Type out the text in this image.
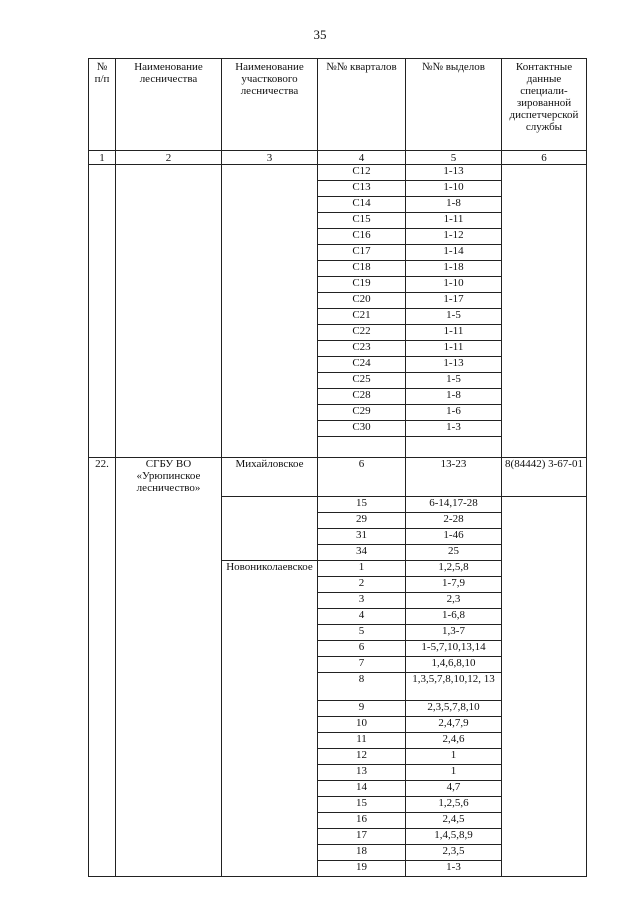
35
№ п/п	Наименование лесничества	Наименование участкового лесничества	№№ кварталов	№№ выделов	Контактные данные специали-зированной диспетчерской службы
1	2	3	4	5	6
			С12	1-13	
			С13	1-10	
			С14	1-8	
			С15	1-11	
			С16	1-12	
			С17	1-14	
			С18	1-18	
			С19	1-10	
			С20	1-17	
			С21	1-5	
			С22	1-11	
			С23	1-11	
			С24	1-13	
			С25	1-5	
			С28	1-8	
			С29	1-6	
			С30	1-3	

22.	СГБУ ВО «Урюпинское лесничество»	Михайловское	6	13-23	8(84442) 3-67-01
			15	6-14,17-28	
			29	2-28	
			31	1-46	
			34	25	
		Новониколаевское	1	1,2,5,8	
			2	1-7,9	
			3	2,3	
			4	1-6,8	
			5	1,3-7	
			6	1-5,7,10,13,14	
			7	1,4,6,8,10	
			8	1,3,5,7,8,10,12, 13	
			9	2,3,5,7,8,10	
			10	2,4,7,9	
			11	2,4,6	
			12	1	
			13	1	
			14	4,7	
			15	1,2,5,6	
			16	2,4,5	
			17	1,4,5,8,9	
			18	2,3,5	
			19	1-3	
